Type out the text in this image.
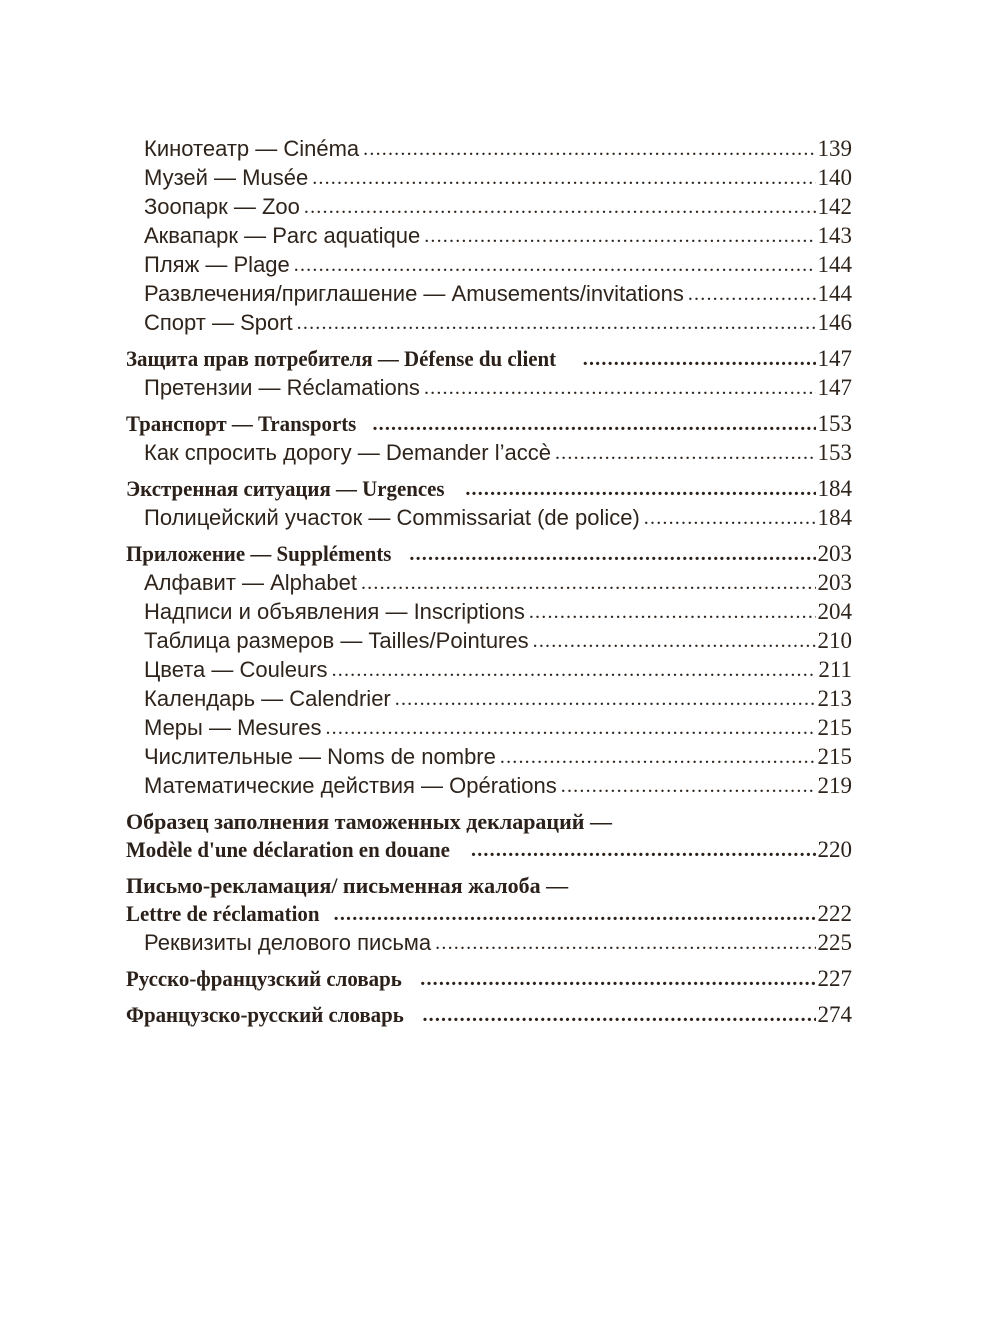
Кинотеатр — Cinéma .....	139
Музей — Musée .....	140
Зоопарк — Zoo .....	142
Аквапарк — Parc aquatique .....	143
Пляж — Plage .....	144
Развлечения/приглашение — Amusements/invitations .....	144
Спорт — Sport .....	146
Защита прав потребителя — Défense du client .....	147
Претензии — Réclamations .....	147
Транспорт — Transports .....	153
Как спросить дорогу — Demander l’accè .....	153
Экстренная ситуация — Urgences .....	184
Полицейский участок — Commissariat (de police) .....	184
Приложение — Suppléments .....	203
Алфавит — Alphabet .....	203
Надписи и объявления — Inscriptions .....	204
Таблица размеров — Tailles/Pointures .....	210
Цвета — Couleurs .....	211
Календарь — Calendrier .....	213
Меры — Mesures .....	215
Числительные — Noms de nombre .....	215
Математические действия — Opérations .....	219
Образец заполнения таможенных деклараций —
Modèle d'une déclaration en douane .....	220
Письмо-рекламация/ письменная жалоба —
Lettre de réclamation .....	222
Реквизиты делового письма .....	225
Русско-французский словарь .....	227
Французско-русский словарь .....	274
